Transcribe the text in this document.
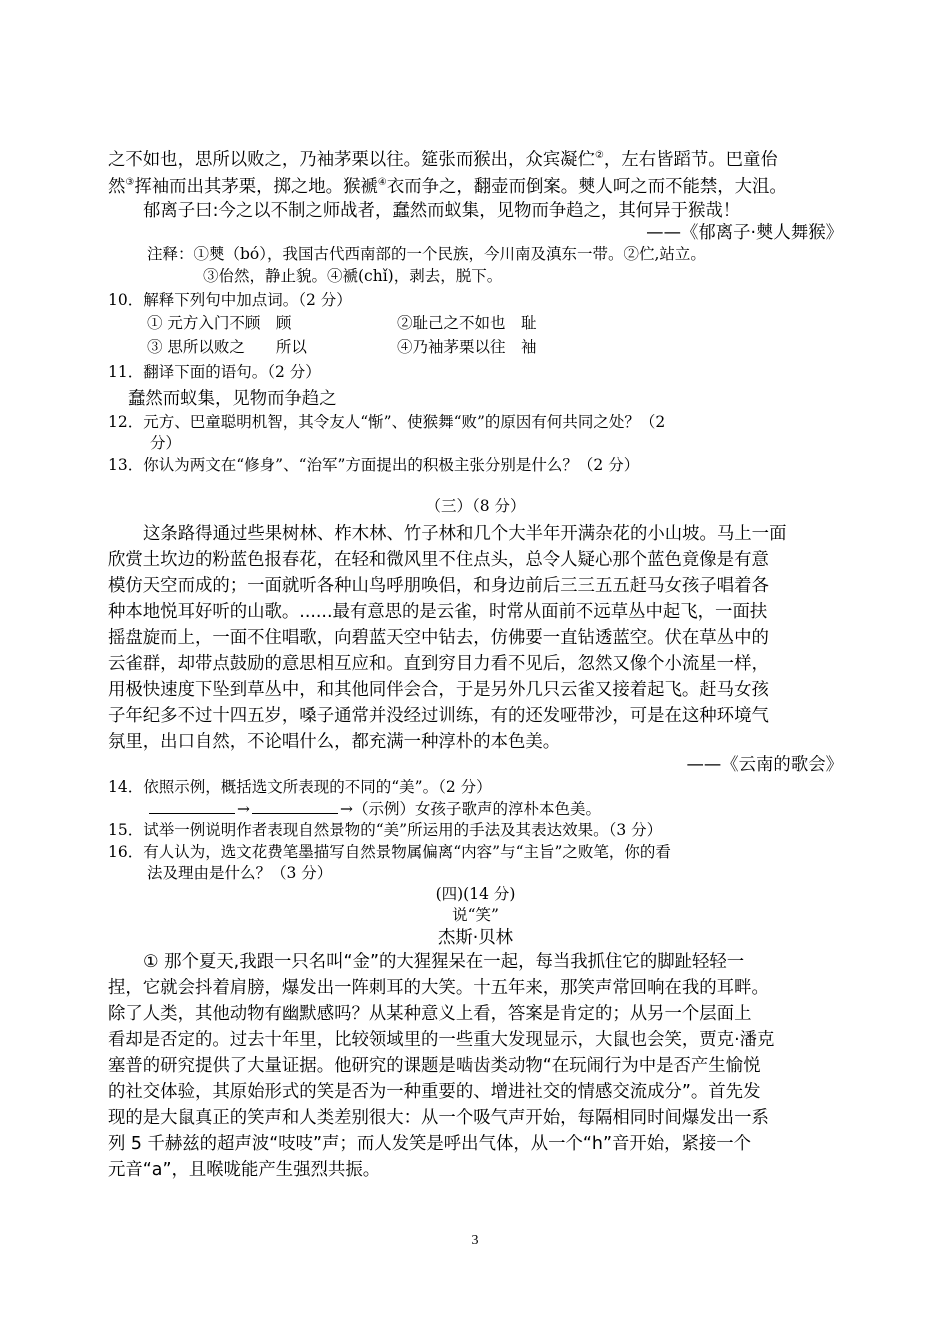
之不如也，思所以败之，乃袖茅栗以往。筵张而猴出，众宾凝伫②，左右皆蹈节。巴童佁
然③挥袖而出其茅栗，掷之地。猴褫④衣而争之，翻壶而倒案。僰人呵之而不能禁，大沮。
郁离子曰:今之以不制之师战者，蠢然而蚁集，见物而争趋之，其何异于猴哉！
——《郁离子·僰人舞猴》
注释：①僰（bó），我国古代西南部的一个民族，今川南及滇东一带。②伫,站立。
③佁然，静止貌。④褫(chǐ)，剥去，脱下。
10．解释下列句中加点词。（2 分）
① 元方入门不顾　顾	②耻己之不如也　耻
③ 思所以败之　　所以	④乃袖茅栗以往　袖
11．翻译下面的语句。（2 分）
蠢然而蚁集，见物而争趋之
12．元方、巴童聪明机智，其令友人“惭”、使猴舞“败”的原因有何共同之处？（2
分）
13．你认为两文在“修身”、“治军”方面提出的积极主张分别是什么？（2 分）
（三）（8 分）
这条路得通过些果树林、柞木林、竹子林和几个大半年开满杂花的小山坡。马上一面
欣赏土坎边的粉蓝色报春花，在轻和微风里不住点头，总令人疑心那个蓝色竟像是有意
模仿天空而成的；一面就听各种山鸟呼朋唤侣，和身边前后三三五五赶马女孩子唱着各
种本地悦耳好听的山歌。......最有意思的是云雀，时常从面前不远草丛中起飞，一面扶
摇盘旋而上，一面不住唱歌，向碧蓝天空中钻去，仿佛要一直钻透蓝空。伏在草丛中的
云雀群，却带点鼓励的意思相互应和。直到穷目力看不见后，忽然又像个小流星一样，
用极快速度下坠到草丛中，和其他同伴会合，于是另外几只云雀又接着起飞。赶马女孩
子年纪多不过十四五岁，嗓子通常并没经过训练，有的还发哑带沙，可是在这种环境气
氛里，出口自然，不论唱什么，都充满一种淳朴的本色美。
——《云南的歌会》
14．依照示例，概括选文所表现的不同的“美”。（2 分）
→	→（示例）女孩子歌声的淳朴本色美。
15．试举一例说明作者表现自然景物的“美”所运用的手法及其表达效果。（3 分）
16．有人认为，选文花费笔墨描写自然景物属偏离“内容”与“主旨”之败笔，你的看
法及理由是什么？（3 分）
(四)(14 分)
说“笑”
杰斯·贝林
① 那个夏天,我跟一只名叫“金”的大猩猩呆在一起，每当我抓住它的脚趾轻轻一
捏，它就会抖着肩膀，爆发出一阵刺耳的大笑。十五年来，那笑声常回响在我的耳畔。
除了人类，其他动物有幽默感吗？从某种意义上看，答案是肯定的；从另一个层面上
看却是否定的。过去十年里，比较领域里的一些重大发现显示，大鼠也会笑，贾克·潘克
塞普的研究提供了大量证据。他研究的课题是啮齿类动物“在玩闹行为中是否产生愉悦
的社交体验，其原始形式的笑是否为一种重要的、增进社交的情感交流成分”。首先发
现的是大鼠真正的笑声和人类差别很大：从一个吸气声开始，每隔相同时间爆发出一系
列 5 千赫兹的超声波“吱吱”声；而人发笑是呼出气体，从一个“h”音开始，紧接一个
元音“a”，且喉咙能产生强烈共振。
3
